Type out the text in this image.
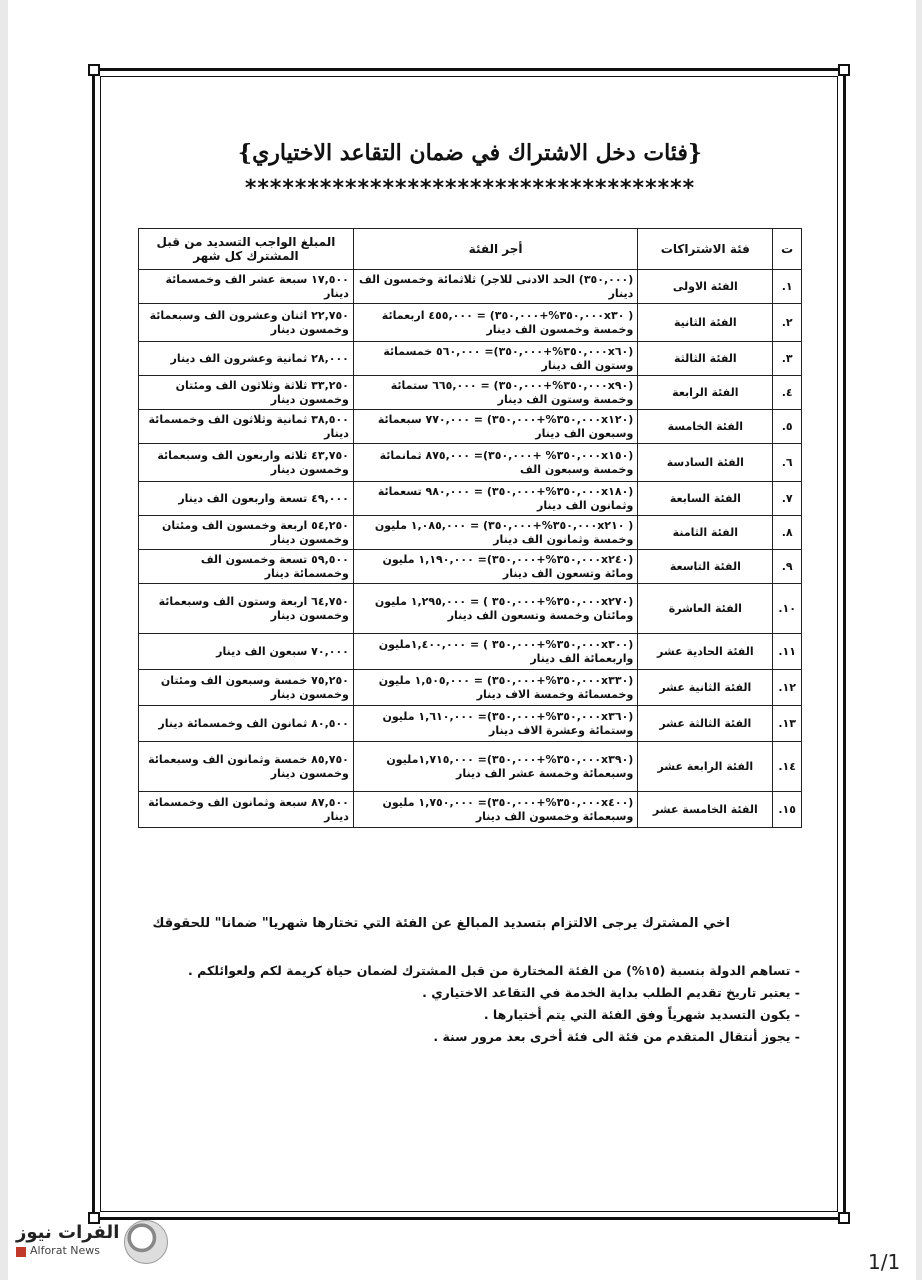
{فئات دخل الاشتراك في ضمان التقاعد الاختياري}
************************************
ت	فئة الاشتراكات	أجر الفئة	المبلغ الواجب التسديد من قبل المشترك كل شهر
١.	الفئة الاولى	(٣٥٠,٠٠٠) الحد الادنى للاجر) ثلاثمائة وخمسون الف دينار	١٧,٥٠٠ سبعة عشر الف وخمسمائة دينار
٢.	الفئة الثانية	( ٣٥٠,٠٠٠x٣٠%+٣٥٠,٠٠٠) = ٤٥٥,٠٠٠ اربعمائة وخمسة وخمسون الف دينار	٢٢,٧٥٠ اثنان وعشرون الف وسبعمائة وخمسون دينار
٣.	الفئة الثالثة	(٣٥٠,٠٠٠x٦٠%+٣٥٠,٠٠٠)= ٥٦٠,٠٠٠ خمسمائة وستون الف دينار	٢٨,٠٠٠ ثمانية وعشرون الف دينار
٤.	الفئة الرابعة	(٣٥٠,٠٠٠x٩٠%+٣٥٠,٠٠٠) = ٦٦٥,٠٠٠ ستمائة وخمسة وستون الف دينار	٣٣,٢٥٠ ثلاثة وثلاثون الف ومئتان وخمسون دينار
٥.	الفئة الخامسة	(٣٥٠,٠٠٠x١٢٠%+٣٥٠,٠٠٠) = ٧٧٠,٠٠٠ سبعمائة وسبعون الف دينار	٣٨,٥٠٠ ثمانية وثلاثون الف وخمسمائة دينار
٦.	الفئة السادسة	(٣٥٠,٠٠٠x١٥٠% +٣٥٠,٠٠٠)= ٨٧٥,٠٠٠ ثمانمائة وخمسة وسبعون الف	٤٣,٧٥٠ ثلاثه واربعون الف وسبعمائة وخمسون دينار
٧.	الفئة السابعة	(٣٥٠,٠٠٠x١٨٠%+٣٥٠,٠٠٠) = ٩٨٠,٠٠٠ تسعمائة وثمانون الف دينار	٤٩,٠٠٠ تسعة واربعون الف دينار
٨.	الفئة الثامنة	( ٣٥٠,٠٠٠x٢١٠%+٣٥٠,٠٠٠) = ١,٠٨٥,٠٠٠ مليون وخمسة وثمانون الف دينار	٥٤,٢٥٠ اربعة وخمسون الف ومئتان وخمسون دينار
٩.	الفئة التاسعة	(٣٥٠,٠٠٠x٢٤٠%+٣٥٠,٠٠٠)= ١,١٩٠,٠٠٠ مليون ومائة وتسعون الف دينار	٥٩,٥٠٠ تسعة وخمسون الف وخمسمائة دينار
١٠.	الفئة العاشرة	(٣٥٠,٠٠٠x٢٧٠%+٣٥٠,٠٠٠ ) = ١,٢٩٥,٠٠٠ مليون ومائتان وخمسة وتسعون الف دينار	٦٤,٧٥٠ اربعة وستون الف وسبعمائة وخمسون دينار
١١.	الفئة الحادية عشر	(٣٥٠,٠٠٠x٣٠٠%+٣٥٠,٠٠٠ ) = ١,٤٠٠,٠٠٠مليون واربعمائة الف دينار	٧٠,٠٠٠ سبعون الف دينار
١٢.	الفئة الثانية عشر	(٣٥٠,٠٠٠x٣٣٠%+٣٥٠,٠٠٠) = ١,٥٠٥,٠٠٠ مليون وخمسمائة وخمسة الاف دينار	٧٥,٢٥٠ خمسة وسبعون الف ومئتان وخمسون دينار
١٣.	الفئة الثالثة عشر	(٣٥٠,٠٠٠x٣٦٠%+٣٥٠,٠٠٠)= ١,٦١٠,٠٠٠ مليون وستمائة وعشرة الاف دينار	٨٠,٥٠٠ ثمانون الف وخمسمائة دينار
١٤.	الفئة الرابعة عشر	(٣٥٠,٠٠٠x٣٩٠%+٣٥٠,٠٠٠)= ١,٧١٥,٠٠٠مليون وسبعمائة وخمسة عشر الف دينار	٨٥,٧٥٠ خمسة وثمانون الف وسبعمائة وخمسون دينار
١٥.	الفئة الخامسة عشر	(٣٥٠,٠٠٠x٤٠٠%+٣٥٠,٠٠٠)= ١,٧٥٠,٠٠٠ مليون وسبعمائة وخمسون الف دينار	٨٧,٥٠٠ سبعة وثمانون الف وخمسمائة دينار
اخي المشترك يرجى الالتزام بتسديد المبالغ عن الفئة التي تختارها شهريا" ضمانا" للحقوقك
- تساهم الدولة بنسبة (١٥%) من الفئة المختارة من قبل المشترك لضمان حياة كريمة لكم ولعوائلكم .
- يعتبر تاريخ تقديم الطلب بداية الخدمة في التقاعد الاختياري .
- يكون التسديد شهرياً وفق الفئة التي يتم أختيارها .
- يجوز أنتقال المتقدم من فئة الى فئة أخرى بعد مرور سنة .
الفرات نيوز
Alforat News	1/1
